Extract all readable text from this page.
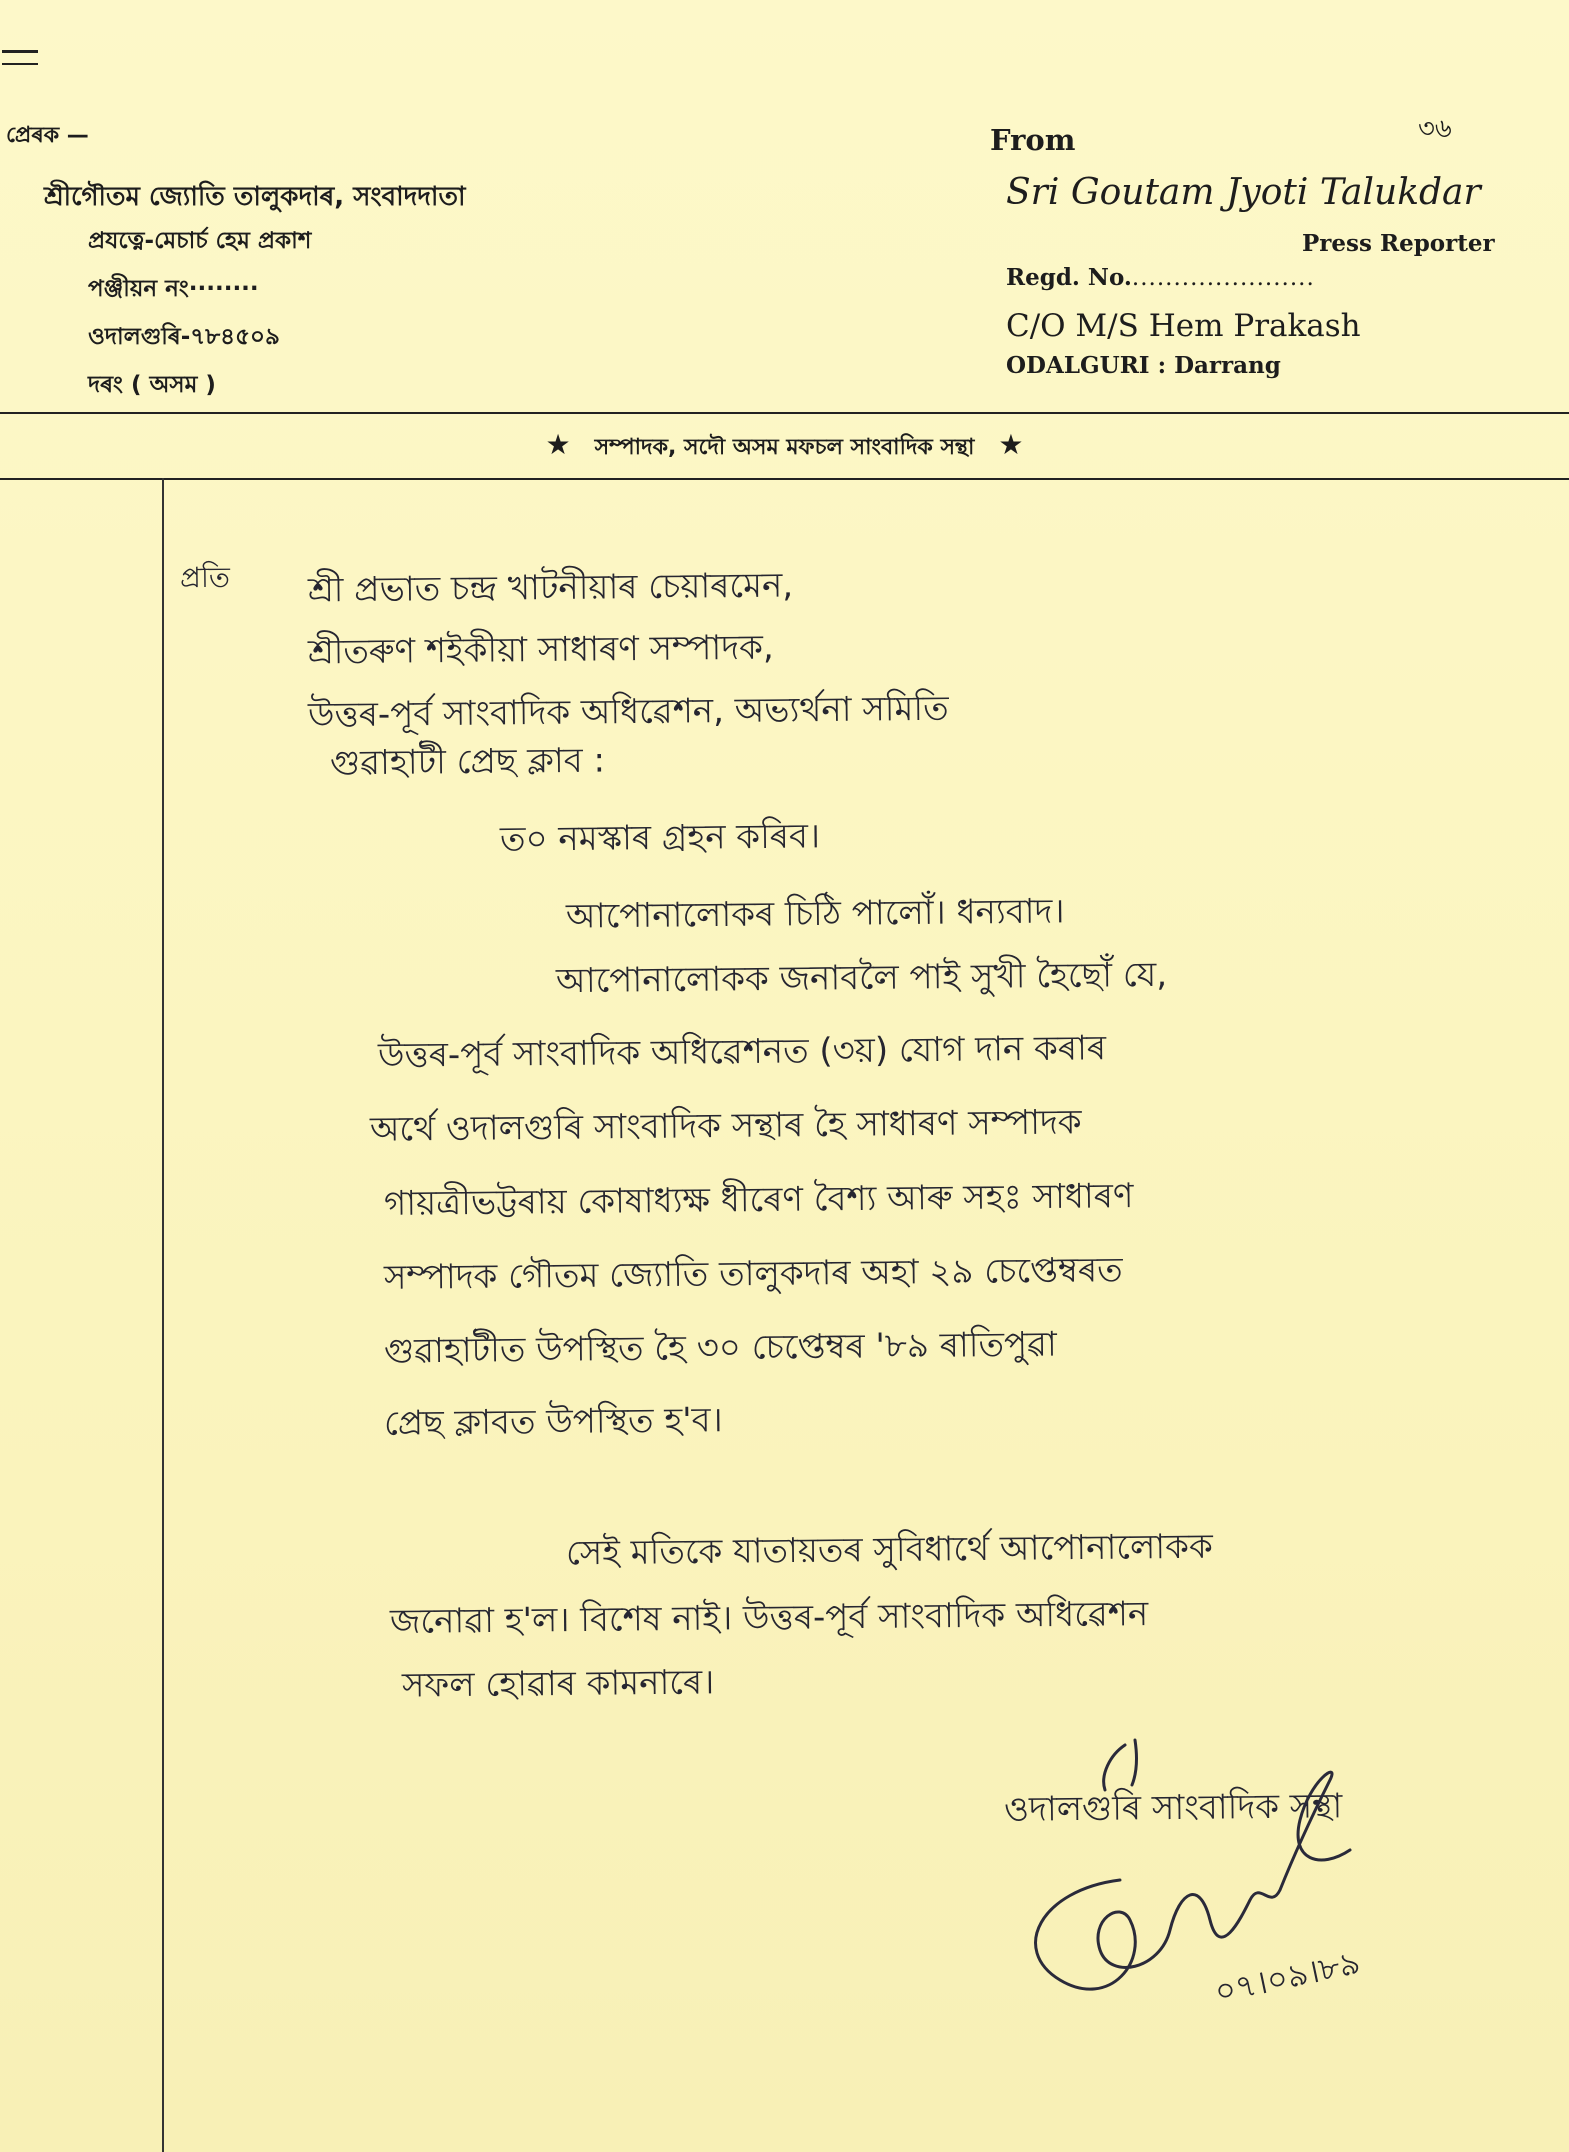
প্ৰেৰক —
শ্ৰীগৌতম জ্যোতি তালুকদাৰ, সংবাদদাতা
প্ৰযত্নে-মেচাৰ্চ হেম প্ৰকাশ
পঞ্জীয়ন নং········
ওদালগুৰি-৭৮৪৫০৯
দৰং ( অসম )
৩৬
From
Sri Goutam Jyoti Talukdar
Press Reporter
Regd. No.......................
C/O M/S Hem Prakash
ODALGURI : Darrang
★ সম্পাদক, সদৌ অসম মফচল সাংবাদিক সন্থা ★
প্ৰতি শ্ৰী প্ৰভাত চন্দ্ৰ খাটনীয়াৰ চেয়াৰমেন,
শ্ৰীতৰুণ শইকীয়া সাধাৰণ সম্পাদক,
উত্তৰ-পূৰ্ব সাংবাদিক অধিৱেশন, অভ্যৰ্থনা সমিতি
গুৱাহাটী প্ৰেছ ক্লাব :
ত০ নমস্কাৰ গ্ৰহন কৰিব।
আপোনালোকৰ চিঠি পালোঁ। ধন্যবাদ।
আপোনালোকক জনাবলৈ পাই সুখী হৈছোঁ যে,
উত্তৰ-পূৰ্ব সাংবাদিক অধিৱেশনত (৩য়) যোগ দান কৰাৰ
অৰ্থে ওদালগুৰি সাংবাদিক সন্থাৰ হৈ সাধাৰণ সম্পাদক
গায়ত্ৰীভট্টৰায় কোষাধ্যক্ষ ধীৰেণ বৈশ্য আৰু সহঃ সাধাৰণ
সম্পাদক গৌতম জ্যোতি তালুকদাৰ অহা ২৯ চেপ্তেম্বৰত
গুৱাহাটীত উপস্থিত হৈ ৩০ চেপ্তেম্বৰ '৮৯ ৰাতিপুৱা
প্ৰেছ ক্লাবত উপস্থিত হ'ব।
সেই মতিকে যাতায়তৰ সুবিধাৰ্থে আপোনালোকক
জনোৱা হ'ল। বিশেষ নাই। উত্তৰ-পূৰ্ব সাংবাদিক অধিৱেশন
সফল হোৱাৰ কামনাৰে।
ওদালগুৰি সাংবাদিক সন্থা
০৭।০৯।৮৯
